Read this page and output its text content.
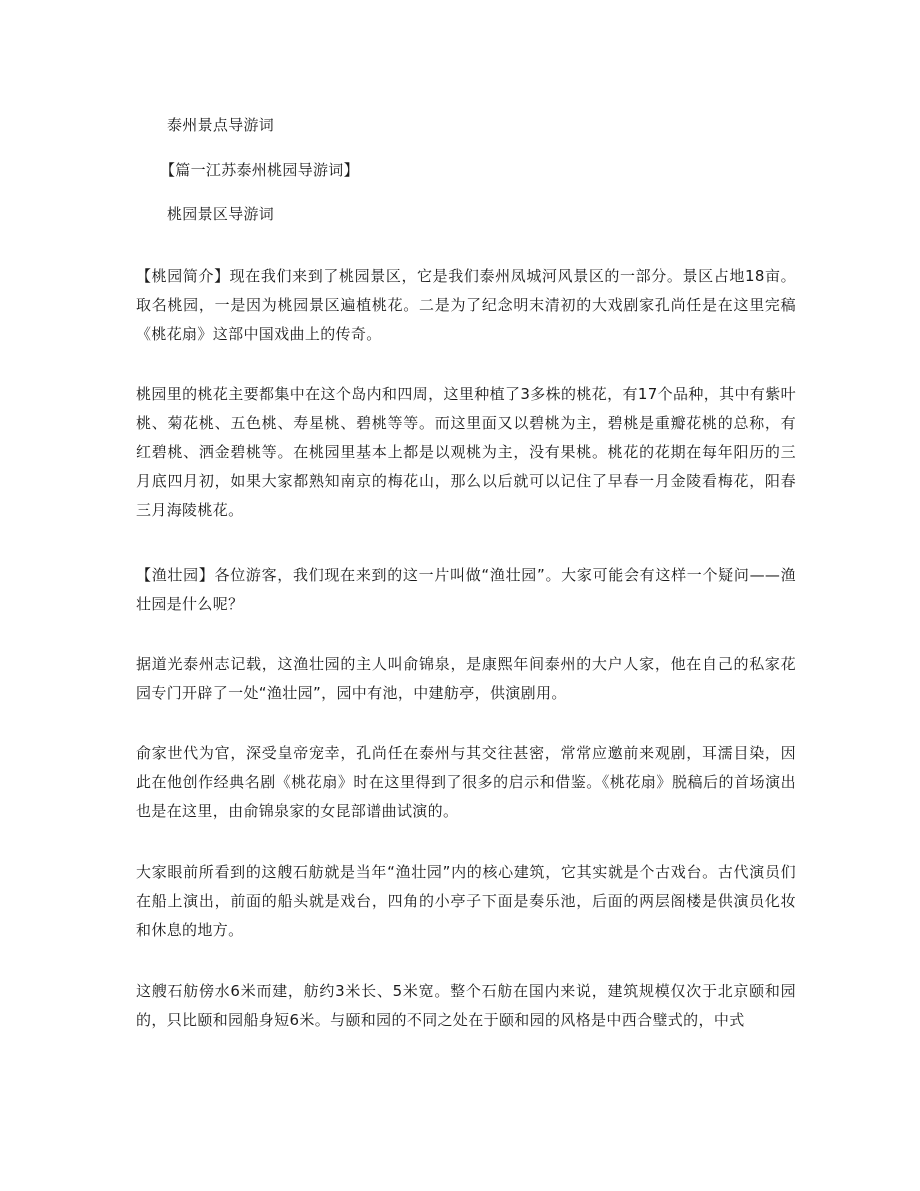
泰州景点导游词
【篇一江苏泰州桃园导游词】
桃园景区导游词

【桃园简介】现在我们来到了桃园景区，它是我们泰州凤城河风景区的一部分。景区占地18亩。取名桃园，一是因为桃园景区遍植桃花。二是为了纪念明末清初的大戏剧家孔尚任是在这里完稿《桃花扇》这部中国戏曲上的传奇。

桃园里的桃花主要都集中在这个岛内和四周，这里种植了3多株的桃花，有17个品种，其中有紫叶桃、菊花桃、五色桃、寿星桃、碧桃等等。而这里面又以碧桃为主，碧桃是重瓣花桃的总称，有红碧桃、洒金碧桃等。在桃园里基本上都是以观桃为主，没有果桃。桃花的花期在每年阳历的三月底四月初，如果大家都熟知南京的梅花山，那么以后就可以记住了早春一月金陵看梅花，阳春三月海陵桃花。

【渔壮园】各位游客，我们现在来到的这一片叫做“渔壮园”。大家可能会有这样一个疑问——渔壮园是什么呢？

据道光泰州志记载，这渔壮园的主人叫俞锦泉，是康熙年间泰州的大户人家，他在自己的私家花园专门开辟了一处“渔壮园”，园中有池，中建舫亭，供演剧用。

俞家世代为官，深受皇帝宠幸，孔尚任在泰州与其交往甚密，常常应邀前来观剧，耳濡目染，因此在他创作经典名剧《桃花扇》时在这里得到了很多的启示和借鉴。《桃花扇》脱稿后的首场演出也是在这里，由俞锦泉家的女昆部谱曲试演的。

大家眼前所看到的这艘石舫就是当年“渔壮园”内的核心建筑，它其实就是个古戏台。古代演员们在船上演出，前面的船头就是戏台，四角的小亭子下面是奏乐池，后面的两层阁楼是供演员化妆和休息的地方。

这艘石舫傍水6米而建，舫约3米长、5米宽。整个石舫在国内来说，建筑规模仅次于北京颐和园的，只比颐和园船身短6米。与颐和园的不同之处在于颐和园的风格是中西合璧式的，中式
